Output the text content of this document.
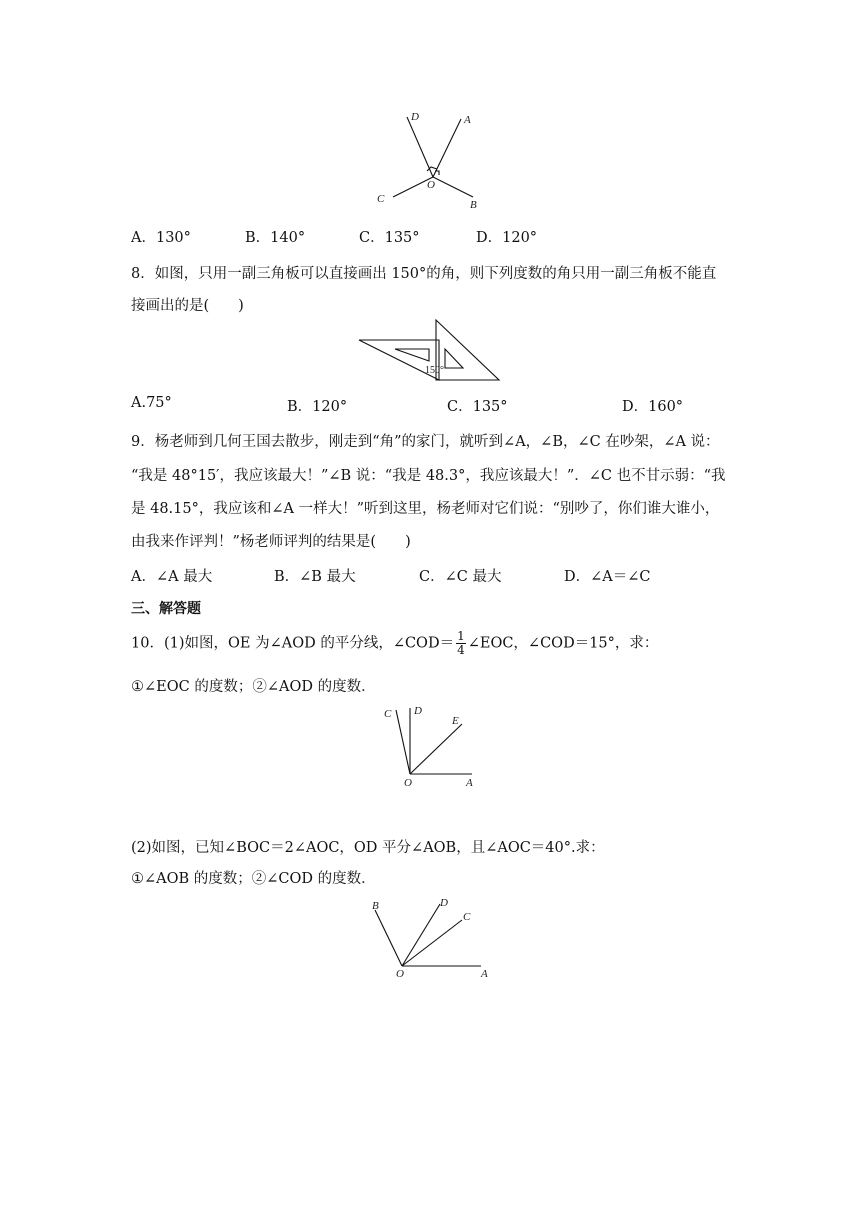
D	A
C
O
B
A．130°	B．140°	C．135°	D．120°
8．如图，只用一副三角板可以直接画出 150°的角，则下列度数的角只用一副三角板不能直
接画出的是(　　)
150°
A.75°	B．120°	C．135°	D．160°
9．杨老师到几何王国去散步，刚走到“角”的家门，就听到∠A，∠B，∠C 在吵架，∠A 说：
“我是 48°15′，我应该最大！”∠B 说：“我是 48.3°，我应该最大！”．∠C 也不甘示弱：“我
是 48.15°，我应该和∠A 一样大！”听到这里，杨老师对它们说：“别吵了，你们谁大谁小，
由我来作评判！”杨老师评判的结果是(　　)
A．∠A 最大	B．∠B 最大	C．∠C 最大	D．∠A＝∠C
三、解答题
10．(1)如图，OE 为∠AOD 的平分线，∠COD＝ $\frac{1}{4}$ ∠EOC，∠COD＝15°，求：
①∠EOC 的度数；②∠AOD 的度数．
C D
E
O	A
(2)如图，已知∠BOC＝2∠AOC，OD 平分∠AOB，且∠AOC＝40°.求：
①∠AOB 的度数；②∠COD 的度数．
B	D
C
O	A
